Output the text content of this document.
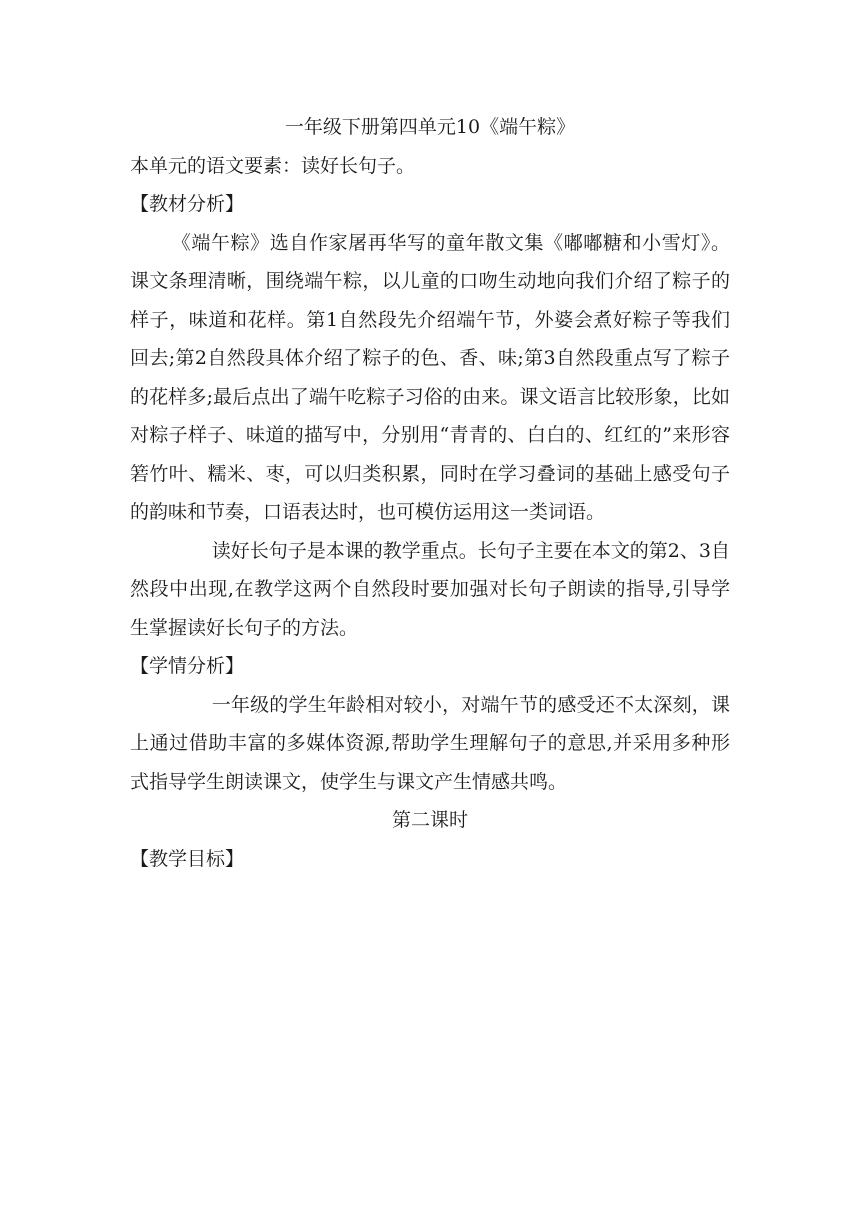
一年级下册第四单元10《端午粽》

本单元的语文要素：读好长句子。

【教材分析】

《端午粽》选自作家屠再华写的童年散文集《嘟嘟糖和小雪灯》。课文条理清晰，围绕端午粽，以儿童的口吻生动地向我们介绍了粽子的样子，味道和花样。第1自然段先介绍端午节，外婆会煮好粽子等我们回去;第2自然段具体介绍了粽子的色、香、味;第3自然段重点写了粽子的花样多;最后点出了端午吃粽子习俗的由来。课文语言比较形象，比如对粽子样子、味道的描写中，分别用“青青的、白白的、红红的”来形容箬竹叶、糯米、枣，可以归类积累，同时在学习叠词的基础上感受句子的韵味和节奏，口语表达时，也可模仿运用这一类词语。

读好长句子是本课的教学重点。长句子主要在本文的第2、3自然段中出现,在教学这两个自然段时要加强对长句子朗读的指导,引导学生掌握读好长句子的方法。

【学情分析】

一年级的学生年龄相对较小，对端午节的感受还不太深刻，课上通过借助丰富的多媒体资源,帮助学生理解句子的意思,并采用多种形式指导学生朗读课文，使学生与课文产生情感共鸣。

第二课时

【教学目标】
